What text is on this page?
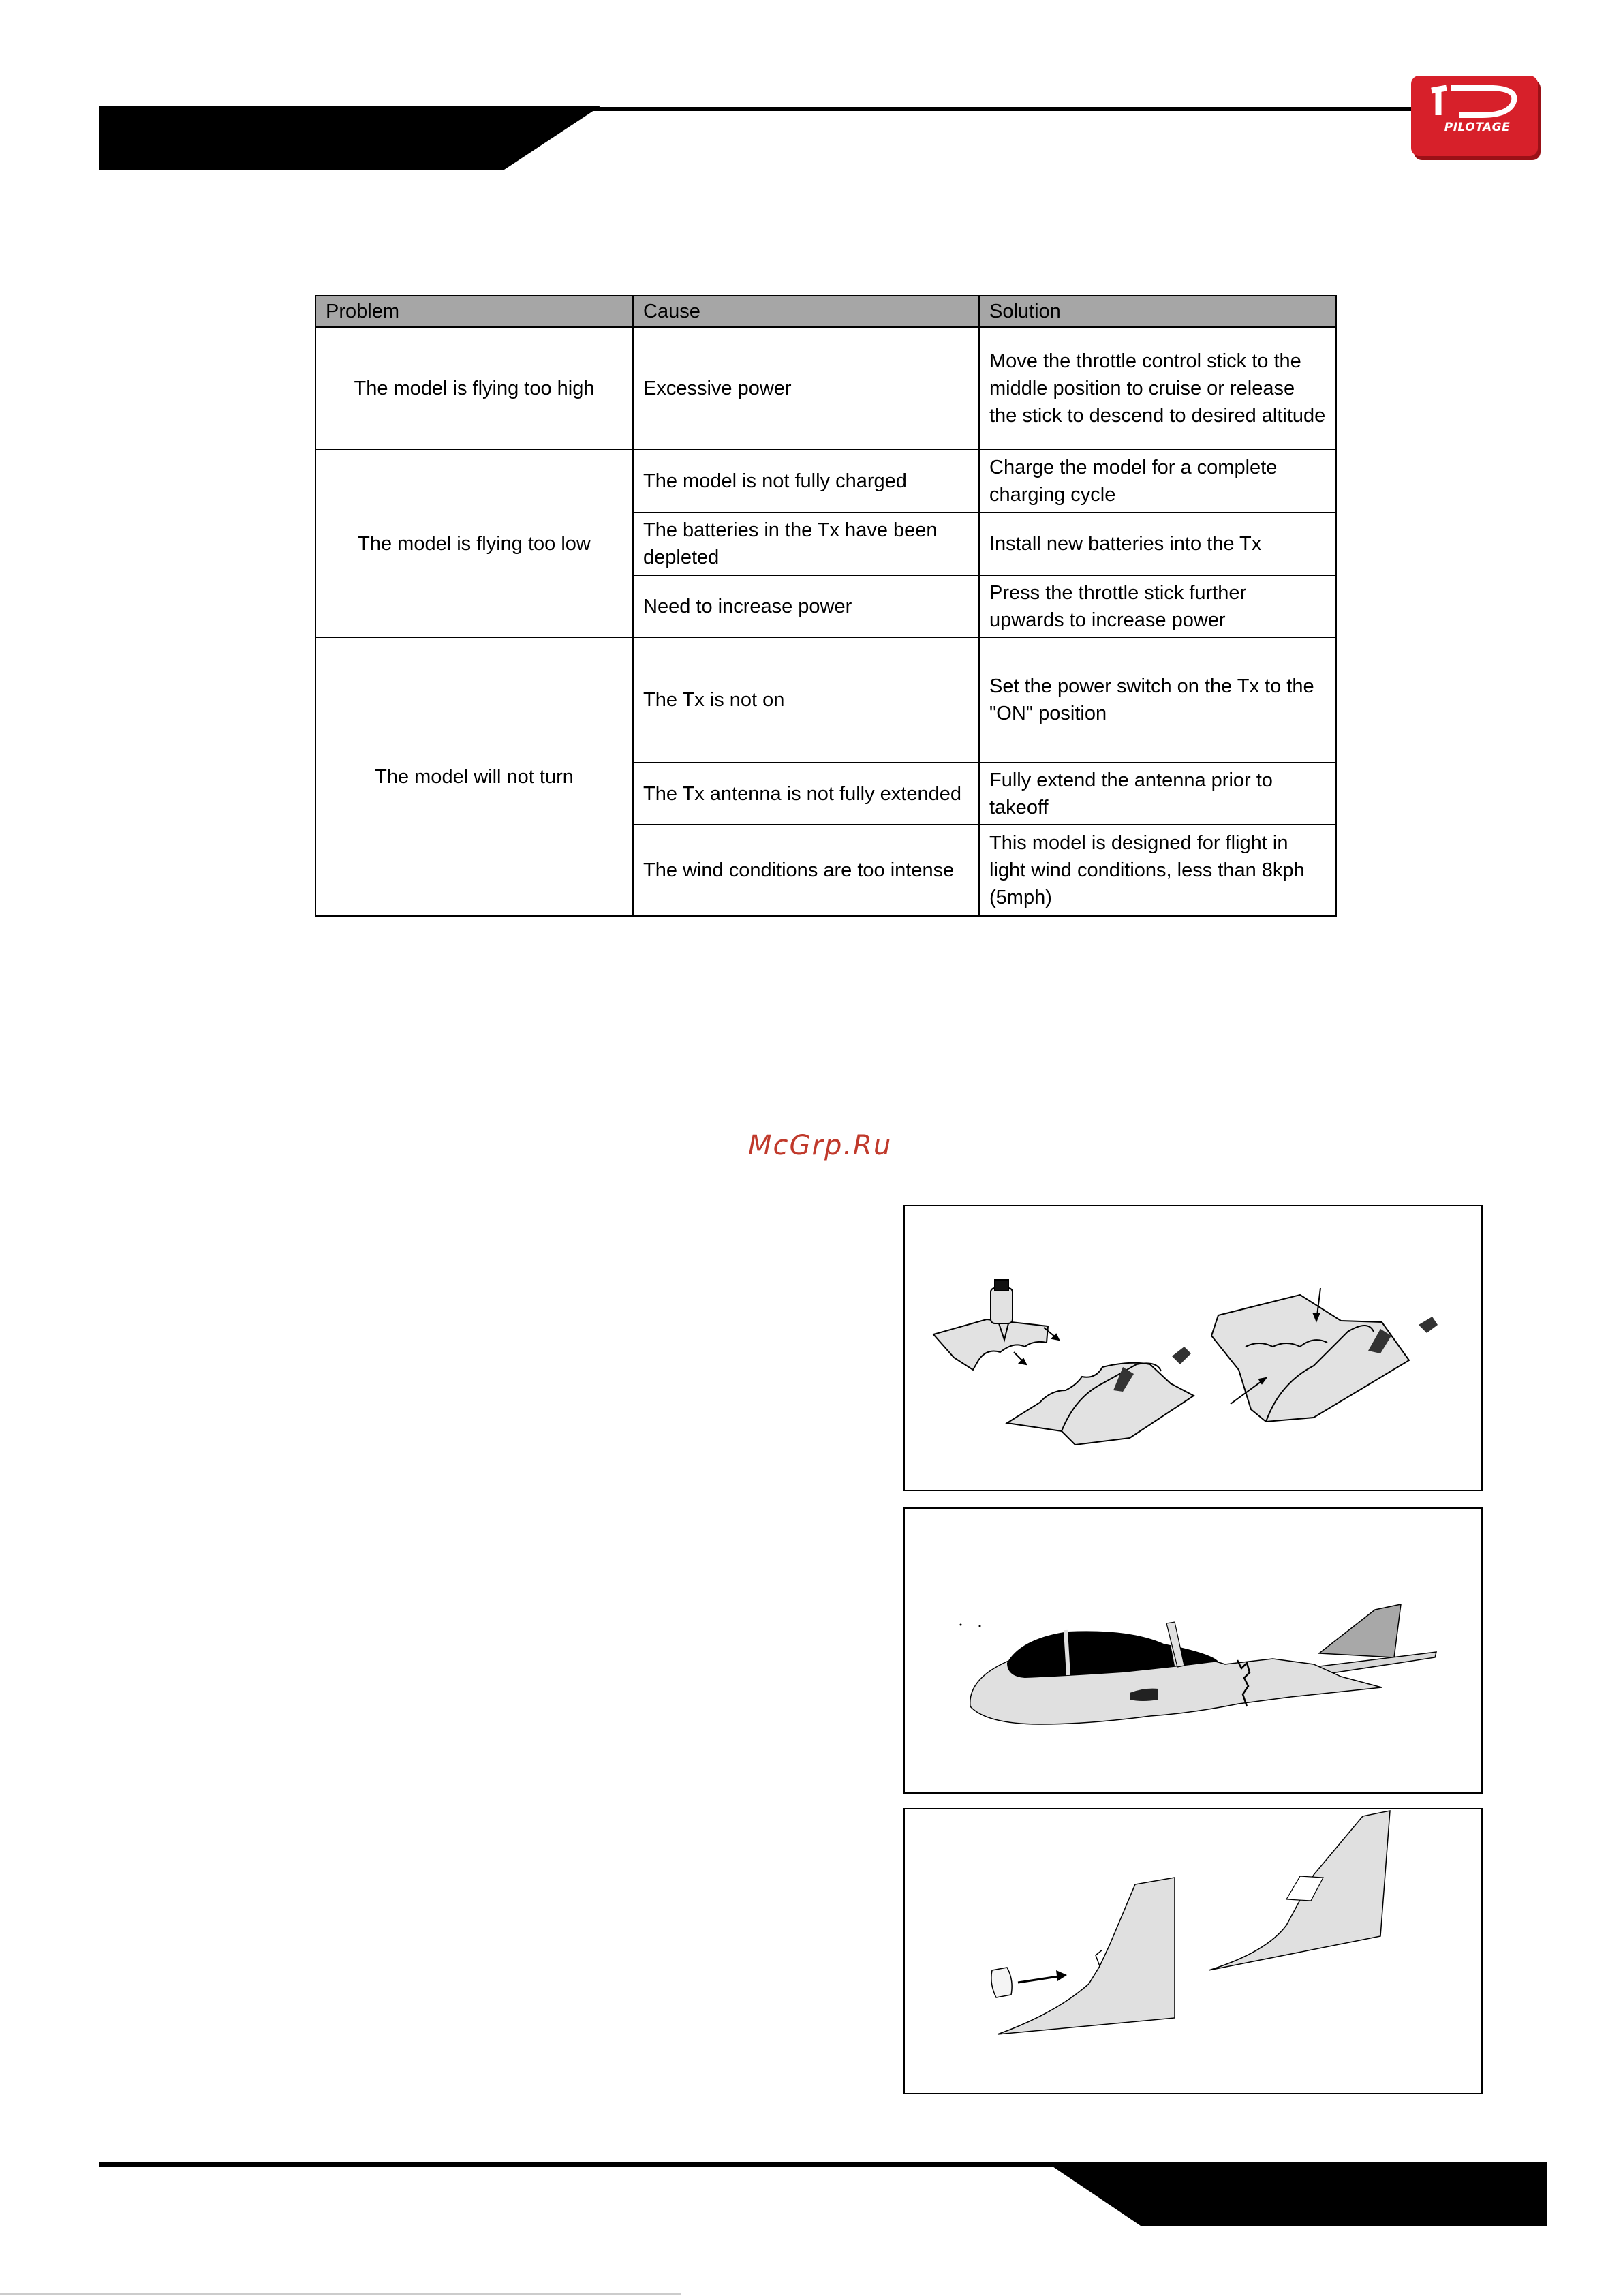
PILOTAGE
Problem	Cause	Solution
The model is flying too high	Excessive power	Move the throttle control stick to the middle position to cruise or release the stick to descend to desired altitude
The model is flying too low	The model is not fully charged	Charge the model for a complete charging cycle
	The batteries in the Tx have been depleted	Install new batteries into the Tx
	Need to increase power	Press the throttle stick further upwards to increase power
The model will not turn	The Tx is not on	Set the power switch on the Tx to the "ON" position
	The Tx antenna is not fully extended	Fully extend the antenna prior to takeoff
	The wind conditions are too intense	This model is designed for flight in light wind conditions, less than 8kph (5mph)
McGrp.Ru
